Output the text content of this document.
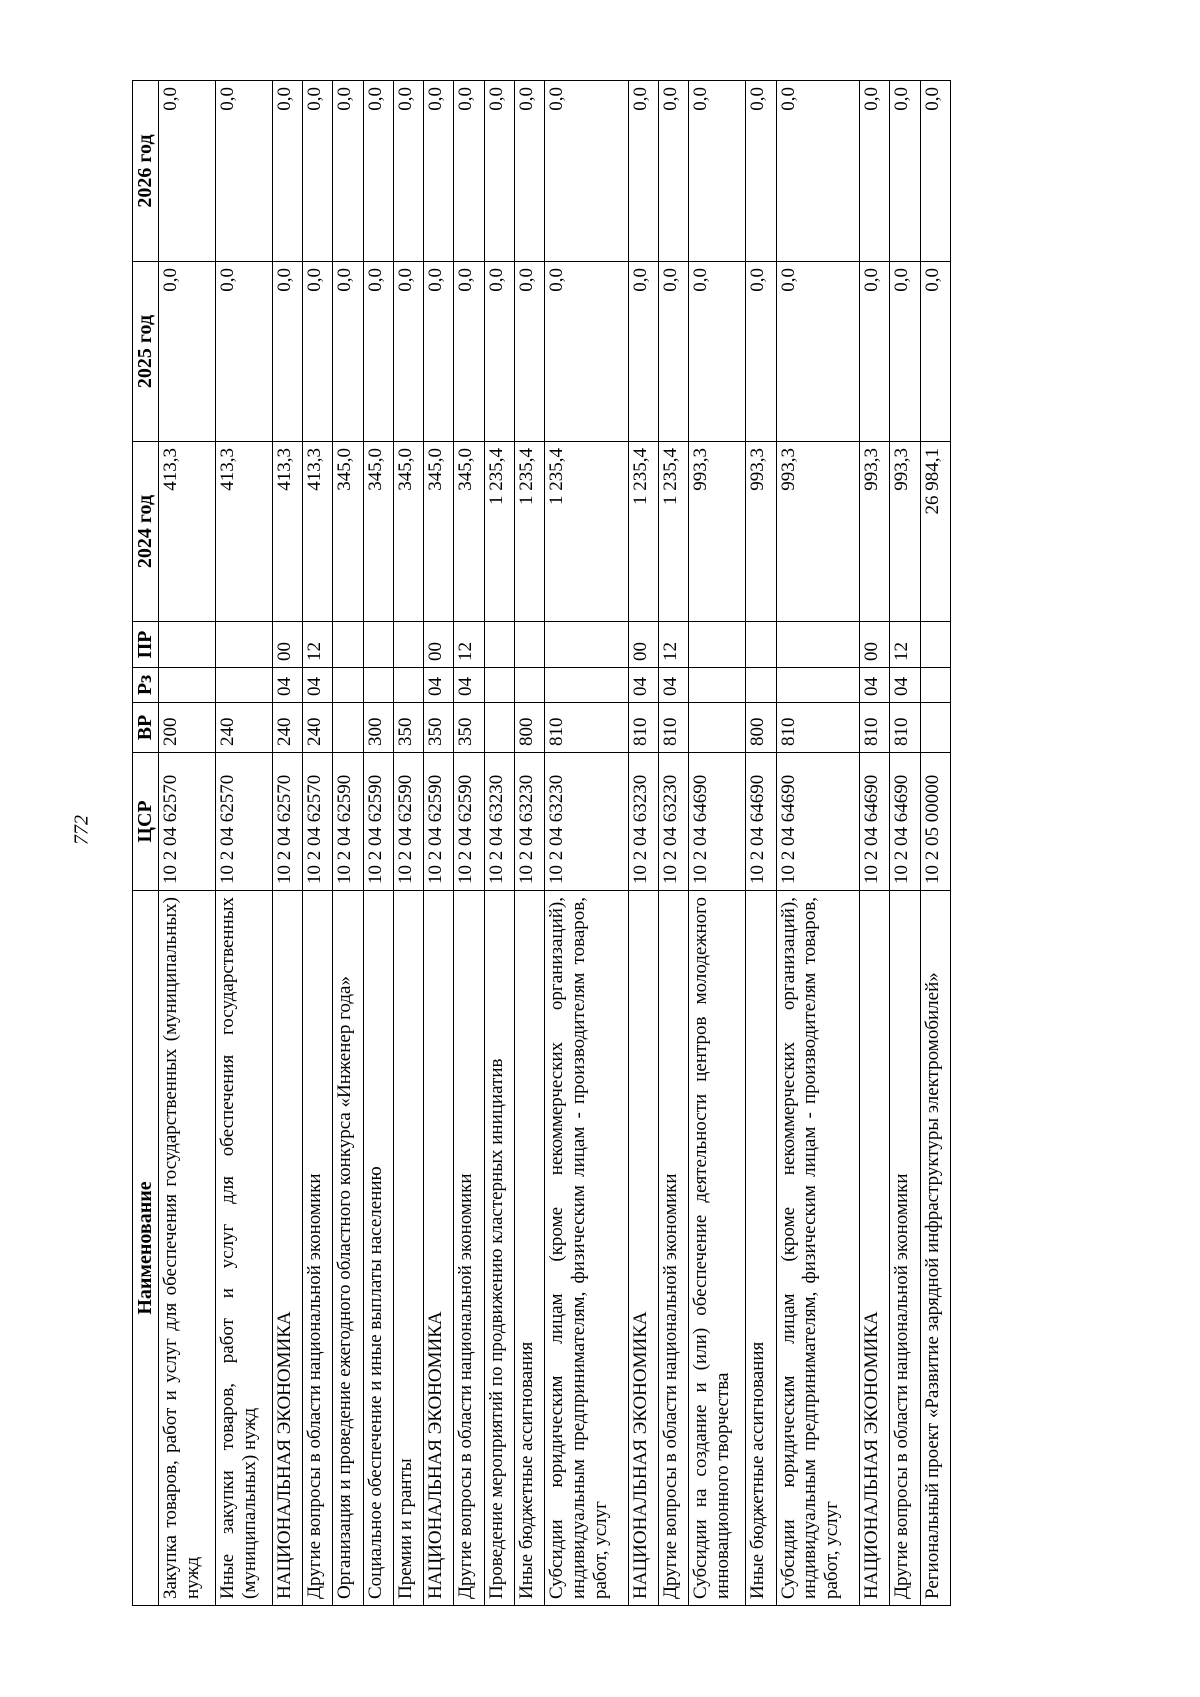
772
Наименование	ЦСР	ВР	Рз	ПР	2024 год	2025 год	2026 год
Закупка товаров, работ и услуг для обеспечения государственных (муниципальных) нужд	10 2 04 62570	200			413,3	0,0	0,0
Иные закупки товаров, работ и услуг для обеспечения государственных (муниципальных) нужд	10 2 04 62570	240			413,3	0,0	0,0
НАЦИОНАЛЬНАЯ ЭКОНОМИКА	10 2 04 62570	240	04	00	413,3	0,0	0,0
Другие вопросы в области национальной экономики	10 2 04 62570	240	04	12	413,3	0,0	0,0
Организация и проведение ежегодного областного конкурса «Инженер года»	10 2 04 62590				345,0	0,0	0,0
Социальное обеспечение и иные выплаты населению	10 2 04 62590	300			345,0	0,0	0,0
Премии и гранты	10 2 04 62590	350			345,0	0,0	0,0
НАЦИОНАЛЬНАЯ ЭКОНОМИКА	10 2 04 62590	350	04	00	345,0	0,0	0,0
Другие вопросы в области национальной экономики	10 2 04 62590	350	04	12	345,0	0,0	0,0
Проведение мероприятий по продвижению кластерных инициатив	10 2 04 63230				1 235,4	0,0	0,0
Иные бюджетные ассигнования	10 2 04 63230	800			1 235,4	0,0	0,0
Субсидии юридическим лицам (кроме некоммерческих организаций), индивидуальным предпринимателям, физическим лицам - производителям товаров, работ, услуг	10 2 04 63230	810			1 235,4	0,0	0,0
НАЦИОНАЛЬНАЯ ЭКОНОМИКА	10 2 04 63230	810	04	00	1 235,4	0,0	0,0
Другие вопросы в области национальной экономики	10 2 04 63230	810	04	12	1 235,4	0,0	0,0
Субсидии на создание и (или) обеспечение деятельности центров молодежного инновационного творчества	10 2 04 64690				993,3	0,0	0,0
Иные бюджетные ассигнования	10 2 04 64690	800			993,3	0,0	0,0
Субсидии юридическим лицам (кроме некоммерческих организаций), индивидуальным предпринимателям, физическим лицам - производителям товаров, работ, услуг	10 2 04 64690	810			993,3	0,0	0,0
НАЦИОНАЛЬНАЯ ЭКОНОМИКА	10 2 04 64690	810	04	00	993,3	0,0	0,0
Другие вопросы в области национальной экономики	10 2 04 64690	810	04	12	993,3	0,0	0,0
Региональный проект «Развитие зарядной инфраструктуры электромобилей»	10 2 05 00000				26 984,1	0,0	0,0
